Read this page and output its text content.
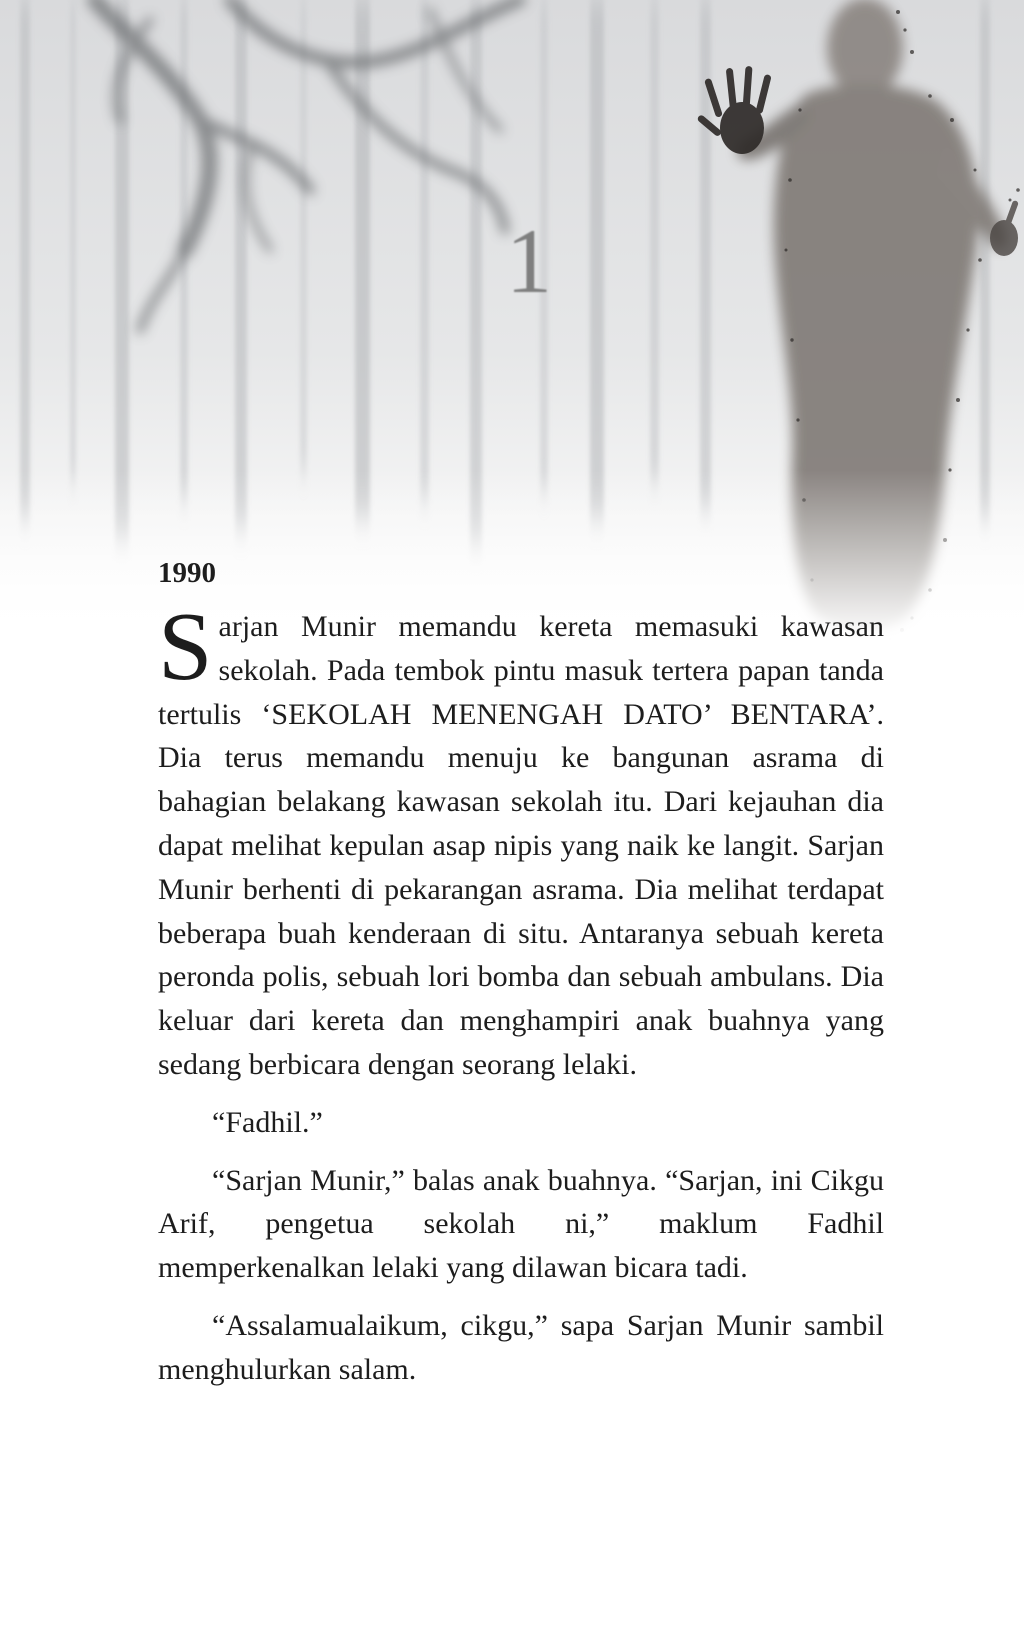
1
1990

Sarjan Munir memandu kereta memasuki kawasan sekolah. Pada tembok pintu masuk tertera papan tanda tertulis ‘SEKOLAH MENENGAH DATO’ BENTARA’. Dia terus memandu menuju ke bangunan asrama di bahagian belakang kawasan sekolah itu. Dari kejauhan dia dapat melihat kepulan asap nipis yang naik ke langit. Sarjan Munir berhenti di pekarangan asrama. Dia melihat terdapat beberapa buah kenderaan di situ. Antaranya sebuah kereta peronda polis, sebuah lori bomba dan sebuah ambulans. Dia keluar dari kereta dan menghampiri anak buahnya yang sedang berbicara dengan seorang lelaki.

“Fadhil.”

“Sarjan Munir,” balas anak buahnya. “Sarjan, ini Cikgu Arif, pengetua sekolah ni,” maklum Fadhil memperkenalkan lelaki yang dilawan bicara tadi.

“Assalamualaikum, cikgu,” sapa Sarjan Munir sambil menghulurkan salam.
